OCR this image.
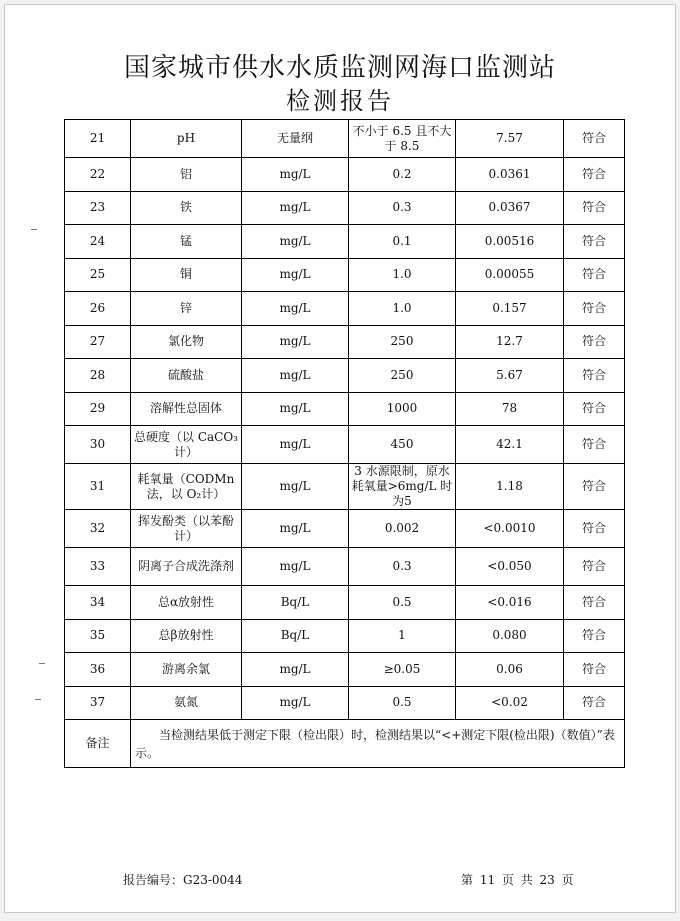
国家城市供水水质监测网海口监测站
检测报告
21	pH	无量纲	不小于 6.5 且不大于 8.5	7.57	符合
22	铝	mg/L	0.2	0.0361	符合
23	铁	mg/L	0.3	0.0367	符合
24	锰	mg/L	0.1	0.00516	符合
25	铜	mg/L	1.0	0.00055	符合
26	锌	mg/L	1.0	0.157	符合
27	氯化物	mg/L	250	12.7	符合
28	硫酸盐	mg/L	250	5.67	符合
29	溶解性总固体	mg/L	1000	78	符合
30	总硬度（以 CaCO₃计）	mg/L	450	42.1	符合
31	耗氧量（CODMn法，以 O₂计）	mg/L	3 水源限制，原水耗氧量>6mg/L 时为5	1.18	符合
32	挥发酚类（以苯酚计）	mg/L	0.002	<0.0010	符合
33	阴离子合成洗涤剂	mg/L	0.3	<0.050	符合
34	总α放射性	Bq/L	0.5	<0.016	符合
35	总β放射性	Bq/L	1	0.080	符合
36	游离余氯	mg/L	≥0.05	0.06	符合
37	氨氮	mg/L	0.5	<0.02	符合
备注	当检测结果低于测定下限（检出限）时，检测结果以“<+测定下限(检出限)（数值）”表示。				
报告编号：G23-0044	第 11 页 共 23 页
